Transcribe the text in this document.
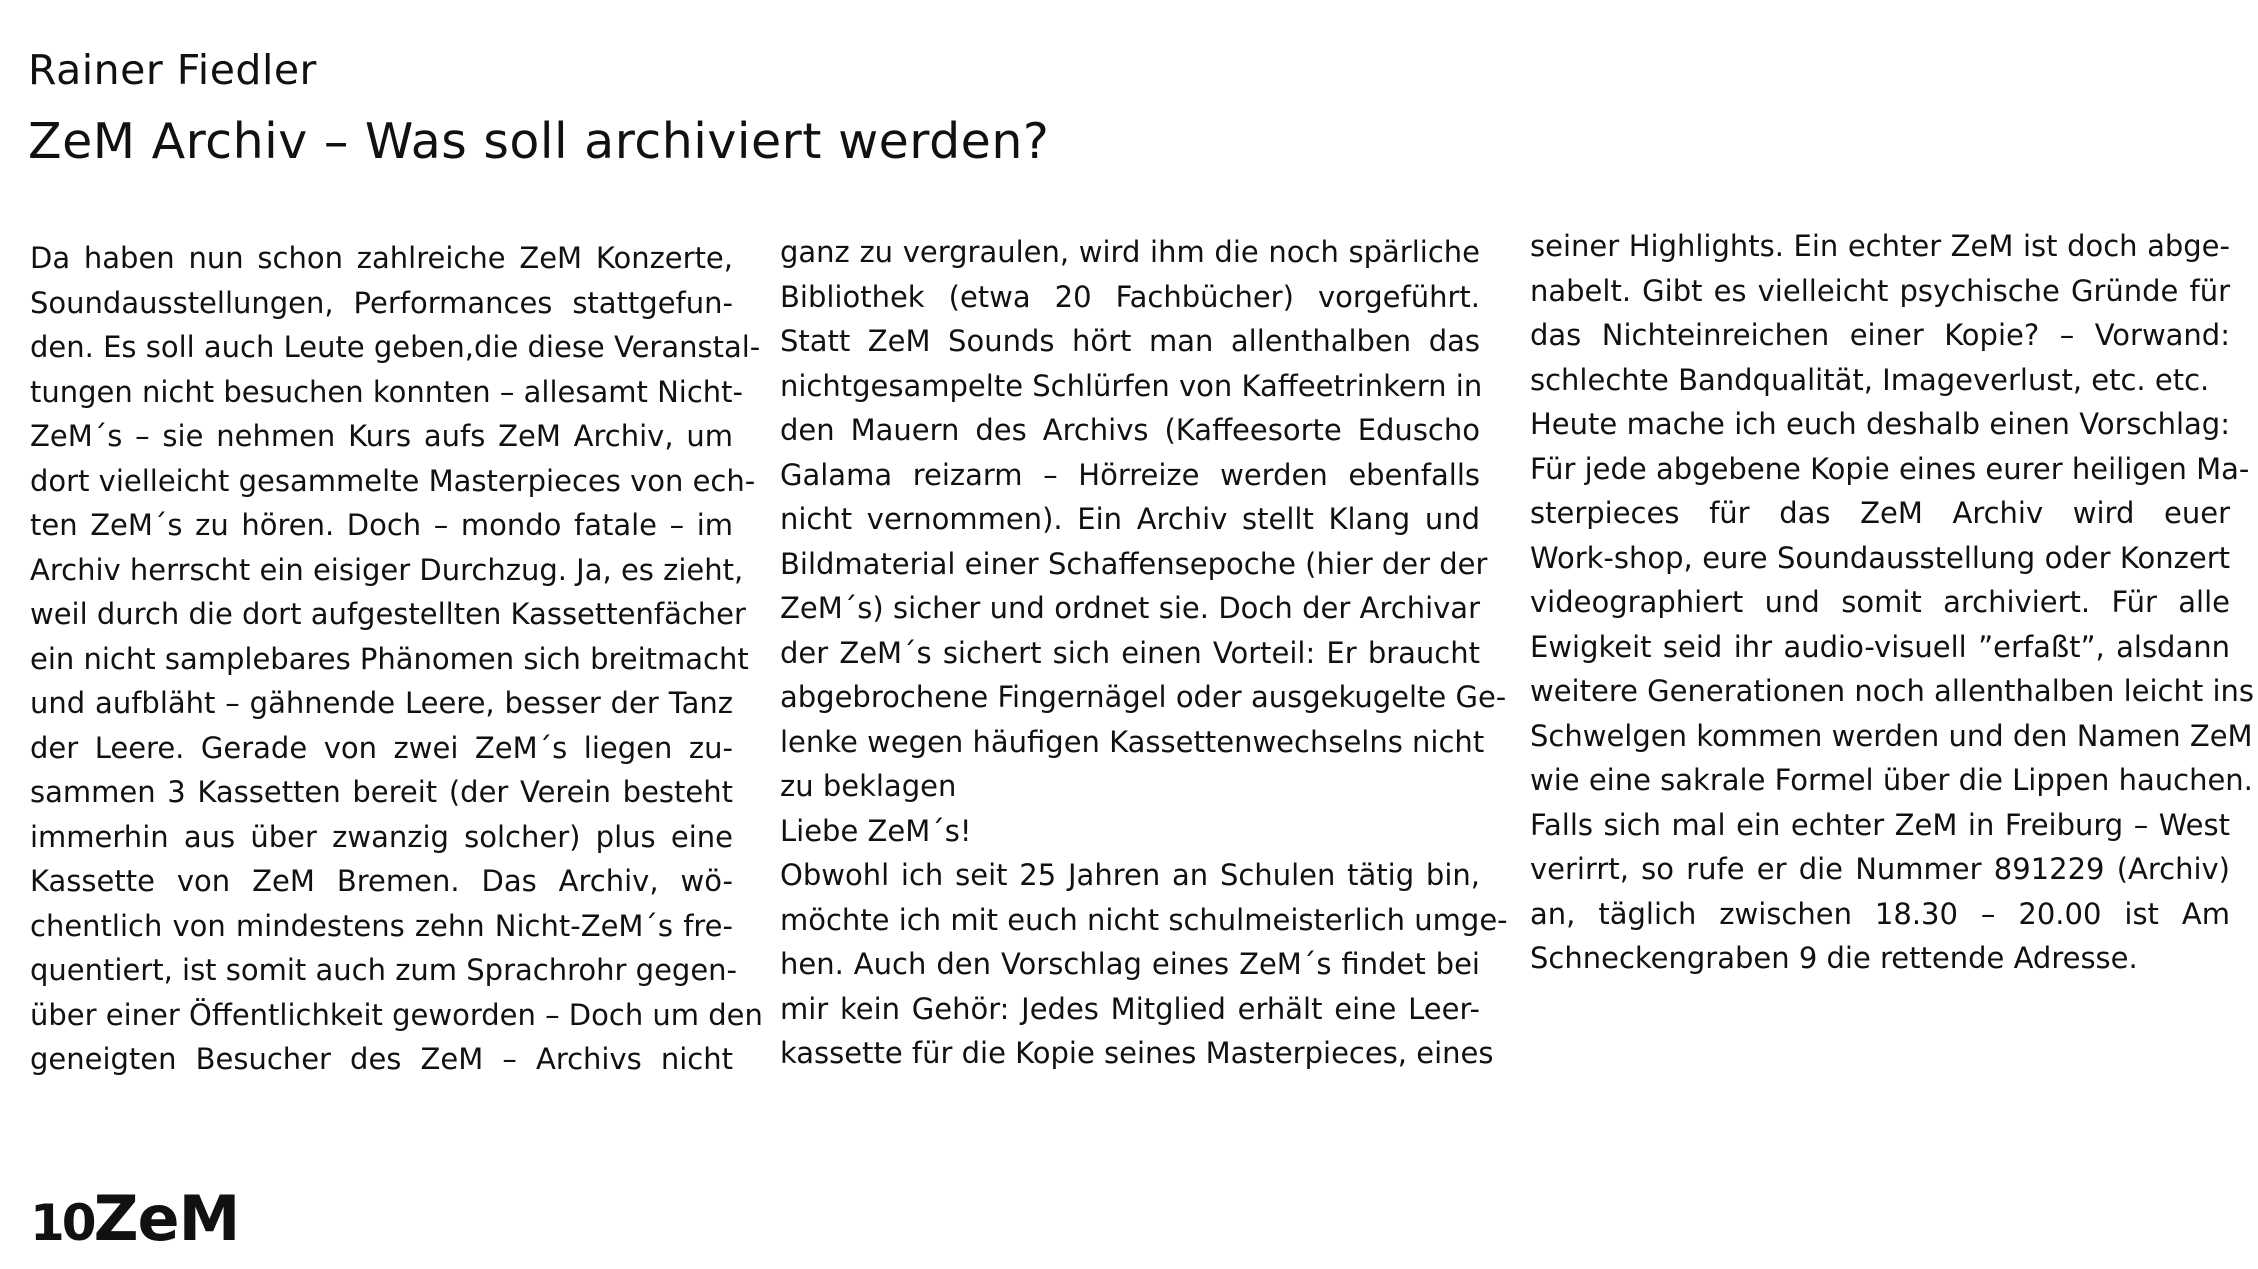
Rainer Fiedler
ZeM Archiv – Was soll archiviert werden?
Da haben nun schon zahlreiche ZeM Konzerte,
Soundausstellungen, Performances stattgefun-
den. Es soll auch Leute geben,die diese Veranstal-
tungen nicht besuchen konnten – allesamt Nicht-
ZeM´s – sie nehmen Kurs aufs ZeM Archiv, um
dort vielleicht gesammelte Masterpieces von ech-
ten ZeM´s zu hören. Doch – mondo fatale – im
Archiv herrscht ein eisiger Durchzug. Ja, es zieht,
weil durch die dort aufgestellten Kassettenfächer
ein nicht samplebares Phänomen sich breitmacht
und aufbläht – gähnende Leere, besser der Tanz
der Leere. Gerade von zwei ZeM´s liegen zu-
sammen 3 Kassetten bereit (der Verein besteht
immerhin aus über zwanzig solcher) plus eine
Kassette von ZeM Bremen. Das Archiv, wö-
chentlich von mindestens zehn Nicht-ZeM´s fre-
quentiert, ist somit auch zum Sprachrohr gegen-
über einer Öffentlichkeit geworden – Doch um den
geneigten Besucher des ZeM – Archivs nicht
ganz zu vergraulen, wird ihm die noch spärliche
Bibliothek (etwa 20 Fachbücher) vorgeführt.
Statt ZeM Sounds hört man allenthalben das
nichtgesampelte Schlürfen von Kaffeetrinkern in
den Mauern des Archivs (Kaffeesorte Eduscho
Galama reizarm – Hörreize werden ebenfalls
nicht vernommen). Ein Archiv stellt Klang und
Bildmaterial einer Schaffensepoche (hier der der
ZeM´s) sicher und ordnet sie. Doch der Archivar
der ZeM´s sichert sich einen Vorteil: Er braucht
abgebrochene Fingernägel oder ausgekugelte Ge-
lenke wegen häufigen Kassettenwechselns nicht
zu beklagen
Liebe ZeM´s!
Obwohl ich seit 25 Jahren an Schulen tätig bin,
möchte ich mit euch nicht schulmeisterlich umge-
hen. Auch den Vorschlag eines ZeM´s findet bei
mir kein Gehör: Jedes Mitglied erhält eine Leer-
kassette für die Kopie seines Masterpieces, eines
seiner Highlights. Ein echter ZeM ist doch abge-
nabelt. Gibt es vielleicht psychische Gründe für
das Nichteinreichen einer Kopie? – Vorwand:
schlechte Bandqualität, Imageverlust, etc. etc.
Heute mache ich euch deshalb einen Vorschlag:
Für jede abgebene Kopie eines eurer heiligen Ma-
sterpieces für das ZeM Archiv wird euer
Work-shop, eure Soundausstellung oder Konzert
videographiert und somit archiviert. Für alle
Ewigkeit seid ihr audio-visuell ”erfaßt”, alsdann
weitere Generationen noch allenthalben leicht ins
Schwelgen kommen werden und den Namen ZeM
wie eine sakrale Formel über die Lippen hauchen.
Falls sich mal ein echter ZeM in Freiburg – West
verirrt, so rufe er die Nummer 891229 (Archiv)
an, täglich zwischen 18.30 – 20.00 ist Am
Schneckengraben 9 die rettende Adresse.
10ZeM
